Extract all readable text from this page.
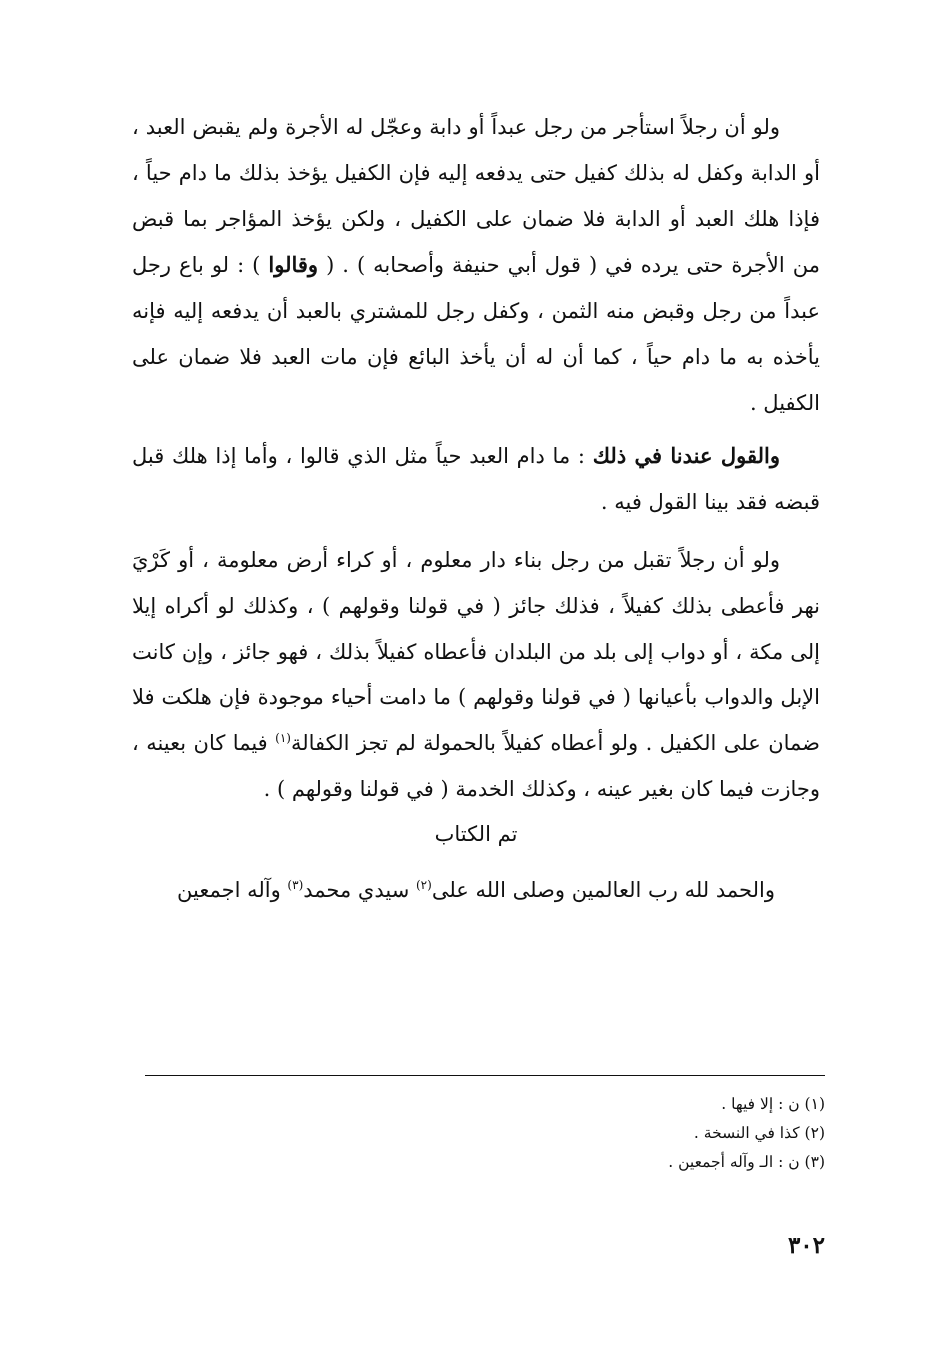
ولو أن رجلاً استأجر من رجل عبداً أو دابة وعجّل له الأجرة ولم يقبض العبد ، أو الدابة وكفل له بذلك كفيل حتى يدفعه إليه فإن الكفيل يؤخذ بذلك ما دام حياً ، فإذا هلك العبد أو الدابة فلا ضمان على الكفيل ، ولكن يؤخذ المؤاجر بما قبض من الأجرة حتى يرده في ( قول أبي حنيفة وأصحابه ) . ( وقالوا ) : لو باع رجل عبداً من رجل وقبض منه الثمن ، وكفل رجل للمشتري بالعبد أن يدفعه إليه فإنه يأخذه به ما دام حياً ، كما أن له أن يأخذ البائع فإن مات العبد فلا ضمان على الكفيل .

والقول عندنا في ذلك : ما دام العبد حياً مثل الذي قالوا ، وأما إذا هلك قبل قبضه فقد بينا القول فيه .

ولو أن رجلاً تقبل من رجل بناء دار معلوم ، أو كراء أرض معلومة ، أو كَرْيَ نهر فأعطى بذلك كفيلاً ، فذلك جائز ( في قولنا وقولهم ) ، وكذلك لو أكراه إيلا إلى مكة ، أو دواب إلى بلد من البلدان فأعطاه كفيلاً بذلك ، فهو جائز ، وإن كانت الإبل والدواب بأعيانها ( في قولنا وقولهم ) ما دامت أحياء موجودة فإن هلكت فلا ضمان على الكفيل . ولو أعطاه كفيلاً بالحمولة لم تجز الكفالة$^{(١)}$ فيما كان بعينه ، وجازت فيما كان بغير عينه ، وكذلك الخدمة ( في قولنا وقولهم ) .

تم الكتاب

والحمد لله رب العالمين وصلى الله على$^{(٢)}$ سيدي محمد$^{(٣)}$ وآله اجمعين

(١) ن : إلا فيها .
(٢) كذا في النسخة .
(٣) ن : الـ وآله أجمعين .

٣٠٢
